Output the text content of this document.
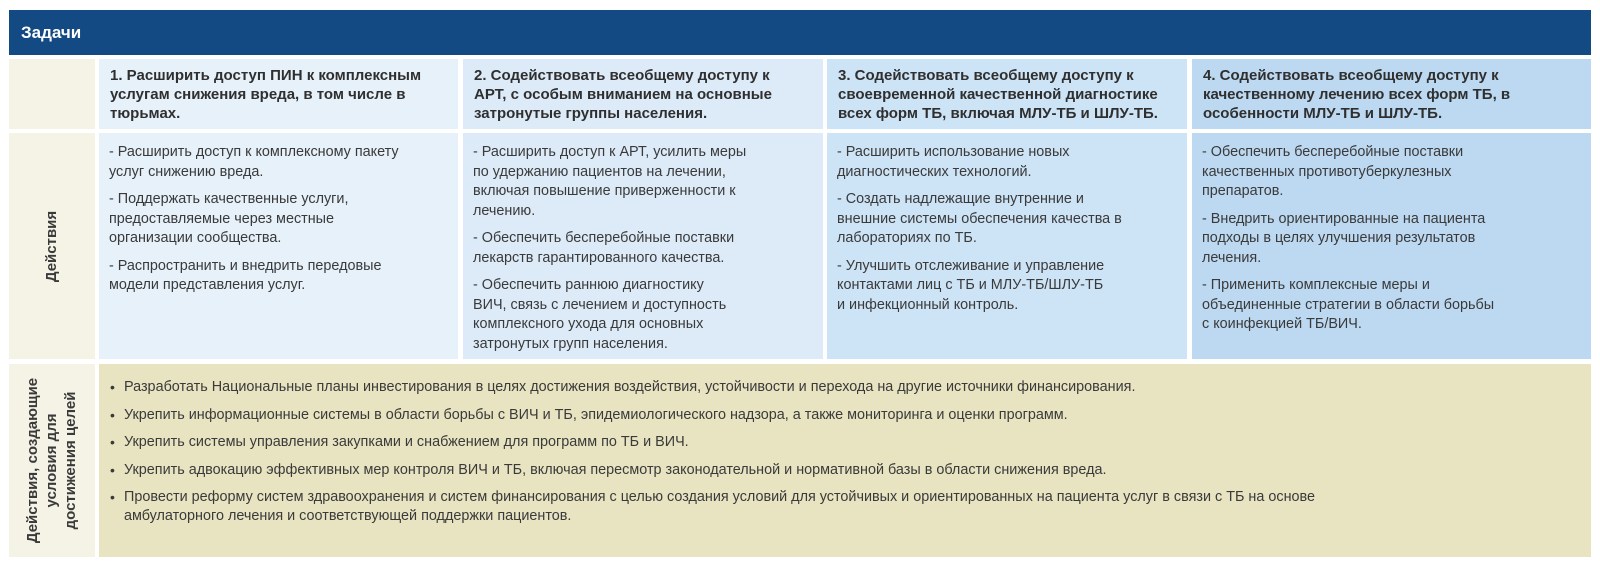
Задачи
Действия
Действия, создающие условия для достижения целей
1. Расширить доступ ПИН к комплексным
услугам снижения вреда, в том числе в
тюрьмах.
2. Содействовать всеобщему доступу к
АРТ, с особым вниманием на основные
затронутые группы населения.
3. Содействовать всеобщему доступу к
своевременной качественной диагностике
всех форм ТБ, включая МЛУ-ТБ и ШЛУ-ТБ.
4. Содействовать всеобщему доступу к
качественному лечению всех форм ТБ, в
особенности МЛУ-ТБ и ШЛУ-ТБ.
- Расширить доступ к комплексному пакету
услуг снижению вреда.
- Поддержать качественные услуги,
предоставляемые через местные
организации сообщества.
- Распространить и внедрить передовые
модели представления услуг.
- Расширить доступ к АРТ, усилить меры
по удержанию пациентов на лечении,
включая повышение приверженности к
лечению.
- Обеспечить бесперебойные поставки
лекарств гарантированного качества.
- Обеспечить раннюю диагностику
ВИЧ, связь с лечением и доступность
комплексного ухода для основных
затронутых групп населения.
- Расширить использование новых
диагностических технологий.
- Создать надлежащие внутренние и
внешние системы обеспечения качества в
лабораториях по ТБ.
- Улучшить отслеживание и управление
контактами лиц с ТБ и МЛУ-ТБ/ШЛУ-ТБ
и инфекционный контроль.
- Обеспечить бесперебойные поставки
качественных противотуберкулезных
препаратов.
- Внедрить ориентированные на пациента
подходы в целях улучшения результатов
лечения.
- Применить комплексные меры и
объединенные стратегии в области борьбы
с коинфекцией ТБ/ВИЧ.
• Разработать Национальные планы инвестирования в целях достижения воздействия, устойчивости и перехода на другие источники финансирования.
• Укрепить информационные системы в области борьбы с ВИЧ и ТБ, эпидемиологического надзора, а также мониторинга и оценки программ.
• Укрепить системы управления закупками и снабжением для программ по ТБ и ВИЧ.
• Укрепить адвокацию эффективных мер контроля ВИЧ и ТБ, включая пересмотр законодательной и нормативной базы в области снижения вреда.
• Провести реформу систем здравоохранения и систем финансирования с целью создания условий для устойчивых и ориентированных на пациента услуг в связи с ТБ на основе
амбулаторного лечения и соответствующей поддержки пациентов.
